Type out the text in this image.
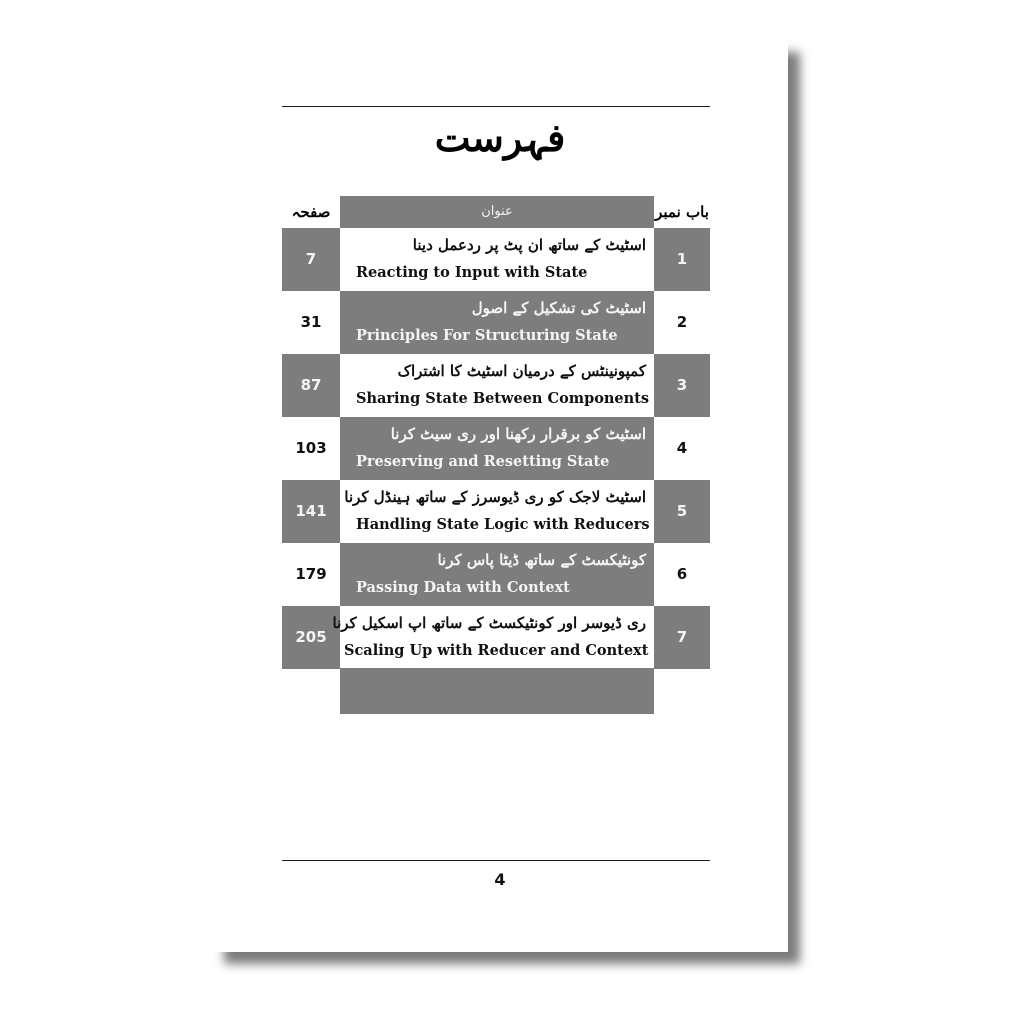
فہرست
باب نمبر
عنوان
صفحہ
7
اسٹیٹ کے ساتھ ان پٹ پر ردعمل دینا
Reacting to Input with State
1
31
اسٹیٹ کی تشکیل کے اصول
Principles For Structuring State
2
87
کمپونینٹس کے درمیان اسٹیٹ کا اشتراک
Sharing State Between Components
3
103
اسٹیٹ کو برقرار رکھنا اور ری سیٹ کرنا
Preserving and Resetting State
4
141
اسٹیٹ لاجک کو ری ڈیوسرز کے ساتھ ہینڈل کرنا
Handling State Logic with Reducers
5
179
کونٹیکسٹ کے ساتھ ڈیٹا پاس کرنا
Passing Data with Context
6
205
ری ڈیوسر اور کونٹیکسٹ کے ساتھ اپ اسکیل کرنا
Scaling Up with Reducer and Context
7
4
